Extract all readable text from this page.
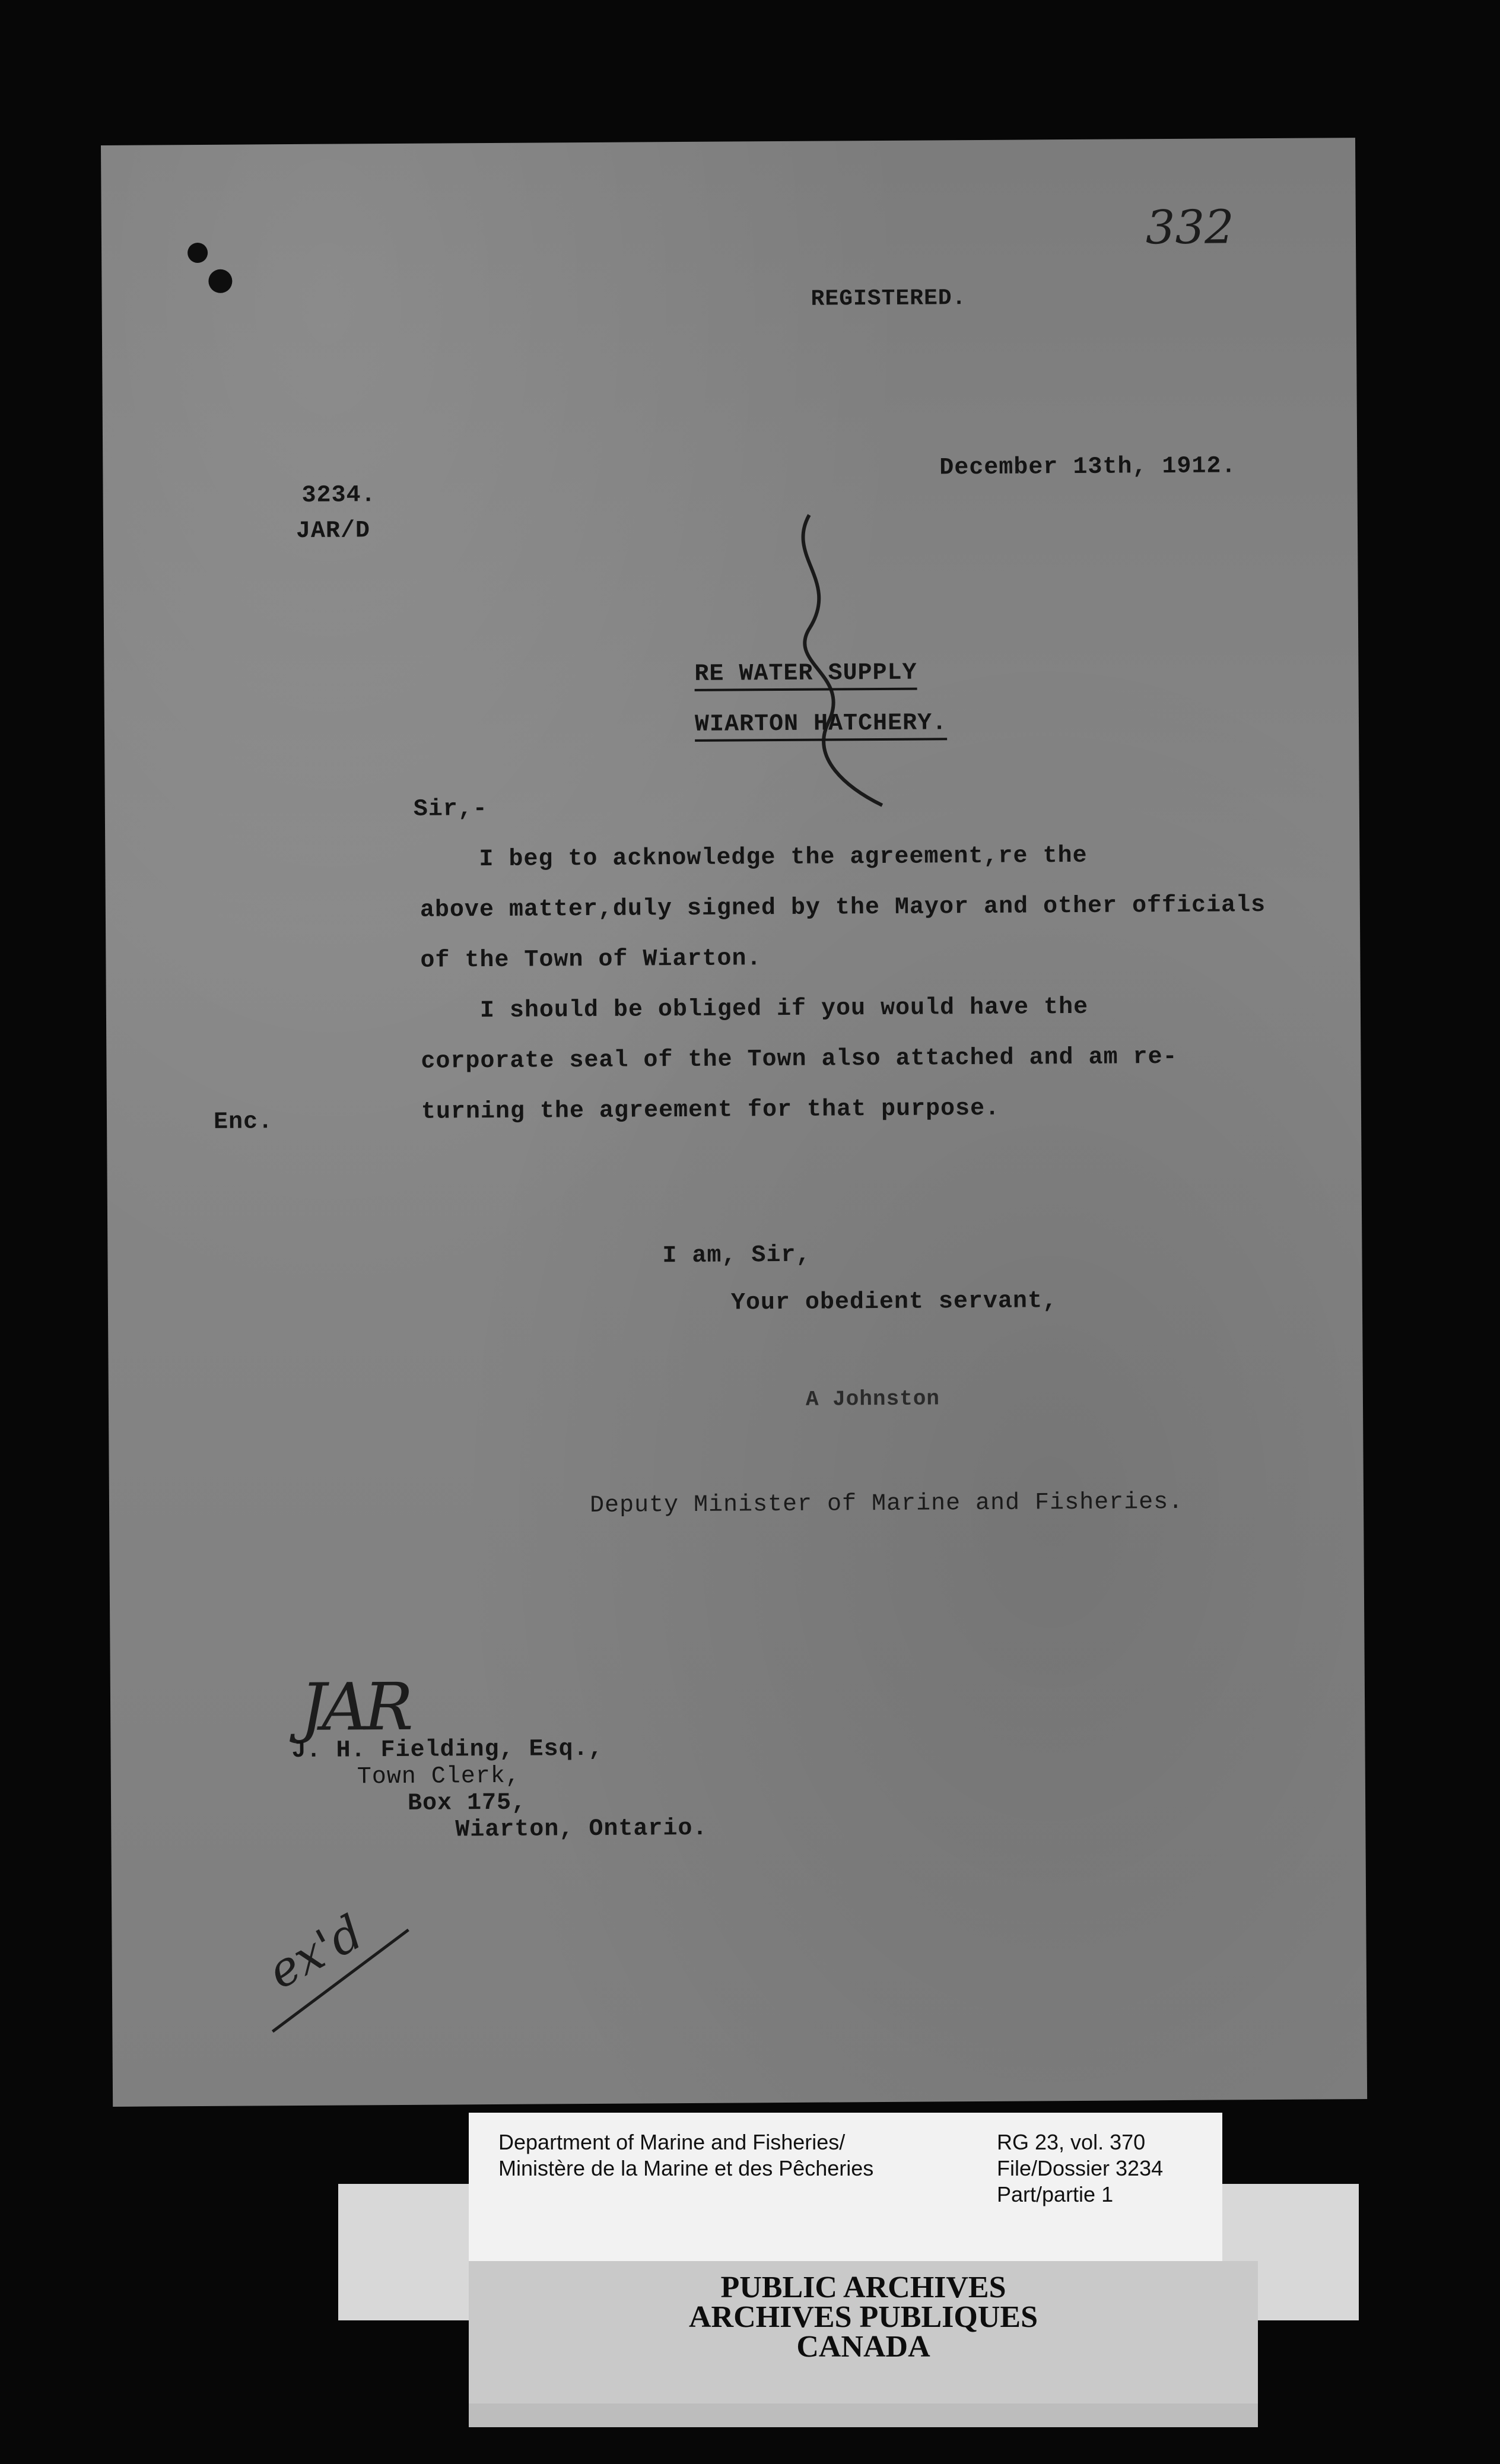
332
REGISTERED.
December 13th, 1912.
3234.
JAR/D

RE WATER SUPPLY

WIARTON HATCHERY.

Sir,-
I beg to acknowledge the agreement,re the
above matter,duly signed by the Mayor and other officials
of the Town of Wiarton.
I should be obliged if you would have the
corporate seal of the Town also attached and am re-
turning the agreement for that purpose.
Enc.
I am, Sir,
Your obedient servant,
A Johnston
Deputy Minister of Marine and Fisheries.
JAR
J. H. Fielding, Esq.,
Town Clerk,
Box 175,
Wiarton, Ontario.
ex'd
Department of Marine and Fisheries/
Ministère de la Marine et des Pêcheries
RG 23, vol. 370
File/Dossier 3234
Part/partie 1
PUBLIC ARCHIVES
ARCHIVES PUBLIQUES
CANADA
